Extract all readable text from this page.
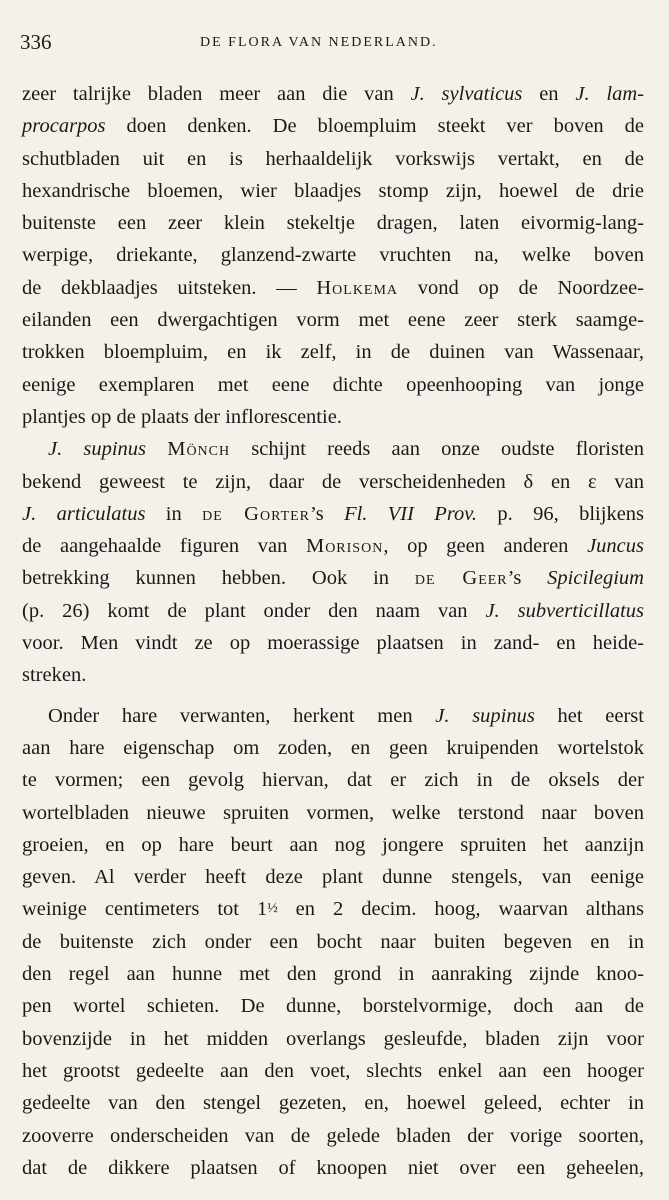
336	DE FLORA VAN NEDERLAND.
zeer talrijke bladen meer aan die van J. sylvaticus en J. lam-
procarpos doen denken. De bloempluim steekt ver boven de
schutbladen uit en is herhaaldelijk vorkswijs vertakt, en de
hexandrische bloemen, wier blaadjes stomp zijn, hoewel de drie
buitenste een zeer klein stekeltje dragen, laten eivormig-lang-
werpige, driekante, glanzend-zwarte vruchten na, welke boven
de dekblaadjes uitsteken. — Holkema vond op de Noordzee-
eilanden een dwergachtigen vorm met eene zeer sterk saamge-
trokken bloempluim, en ik zelf, in de duinen van Wassenaar,
eenige exemplaren met eene dichte opeenhooping van jonge
plantjes op de plaats der inflorescentie.
J. supinus Mönch schijnt reeds aan onze oudste floristen
bekend geweest te zijn, daar de verscheidenheden δ en ε van
J. articulatus in de Gorter’s Fl. VII Prov. p. 96, blijkens
de aangehaalde figuren van Morison, op geen anderen Juncus
betrekking kunnen hebben. Ook in de Geer’s Spicilegium
(p. 26) komt de plant onder den naam van J. subverticillatus
voor. Men vindt ze op moerassige plaatsen in zand- en heide-
streken.
Onder hare verwanten, herkent men J. supinus het eerst
aan hare eigenschap om zoden, en geen kruipenden wortelstok
te vormen; een gevolg hiervan, dat er zich in de oksels der
wortelbladen nieuwe spruiten vormen, welke terstond naar boven
groeien, en op hare beurt aan nog jongere spruiten het aanzijn
geven. Al verder heeft deze plant dunne stengels, van eenige
weinige centimeters tot 1½ en 2 decim. hoog, waarvan althans
de buitenste zich onder een bocht naar buiten begeven en in
den regel aan hunne met den grond in aanraking zijnde knoo-
pen wortel schieten. De dunne, borstelvormige, doch aan de
bovenzijde in het midden overlangs gesleufde, bladen zijn voor
het grootst gedeelte aan den voet, slechts enkel aan een hooger
gedeelte van den stengel gezeten, en, hoewel geleed, echter in
zooverre onderscheiden van de gelede bladen der vorige soorten,
dat de dikkere plaatsen of knoopen niet over een geheelen,
